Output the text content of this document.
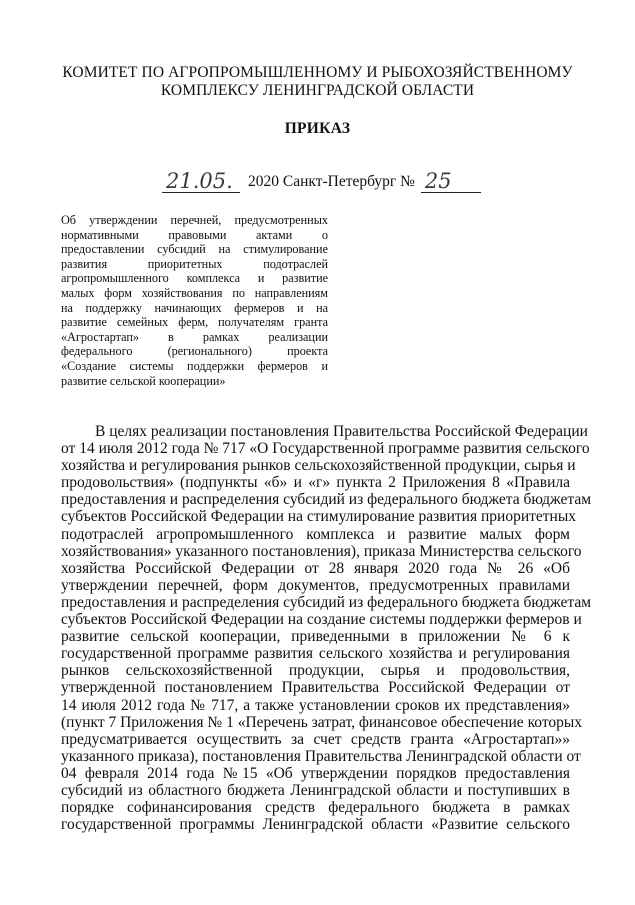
КОМИТЕТ ПО АГРОПРОМЫШЛЕННОМУ И РЫБОХОЗЯЙСТВЕННОМУ
КОМПЛЕКСУ ЛЕНИНГРАДСКОЙ ОБЛАСТИ
ПРИКАЗ
21.05. 2020 Санкт-Петербург № 25
Об утверждении перечней, предусмотренных
нормативными правовыми актами о
предоставлении субсидий на стимулирование
развития приоритетных подотраслей
агропромышленного комплекса и развитие
малых форм хозяйствования по направлениям
на поддержку начинающих фермеров и на
развитие семейных ферм, получателям гранта
«Агростартап» в рамках реализации
федерального (регионального) проекта
«Создание системы поддержки фермеров и
развитие сельской кооперации»
В целях реализации постановления Правительства Российской Федерации
от 14 июля 2012 года № 717 «О Государственной программе развития сельского
хозяйства и регулирования рынков сельскохозяйственной продукции, сырья и
продовольствия» (подпункты «б» и «г» пункта 2 Приложения 8 «Правила
предоставления и распределения субсидий из федерального бюджета бюджетам
субъектов Российской Федерации на стимулирование развития приоритетных
подотраслей агропромышленного комплекса и развитие малых форм
хозяйствования» указанного постановления), приказа Министерства сельского
хозяйства Российской Федерации от 28 января 2020 года № 26 «Об
утверждении перечней, форм документов, предусмотренных правилами
предоставления и распределения субсидий из федерального бюджета бюджетам
субъектов Российской Федерации на создание системы поддержки фермеров и
развитие сельской кооперации, приведенными в приложении № 6 к
государственной программе развития сельского хозяйства и регулирования
рынков сельскохозяйственной продукции, сырья и продовольствия,
утвержденной постановлением Правительства Российской Федерации от
14 июля 2012 года № 717, а также установлении сроков их представления»
(пункт 7 Приложения № 1 «Перечень затрат, финансовое обеспечение которых
предусматривается осуществить за счет средств гранта «Агростартап»»
указанного приказа), постановления Правительства Ленинградской области от
04 февраля 2014 года №15 «Об утверждении порядков предоставления
субсидий из областного бюджета Ленинградской области и поступивших в
порядке софинансирования средств федерального бюджета в рамках
государственной программы Ленинградской области «Развитие сельского
